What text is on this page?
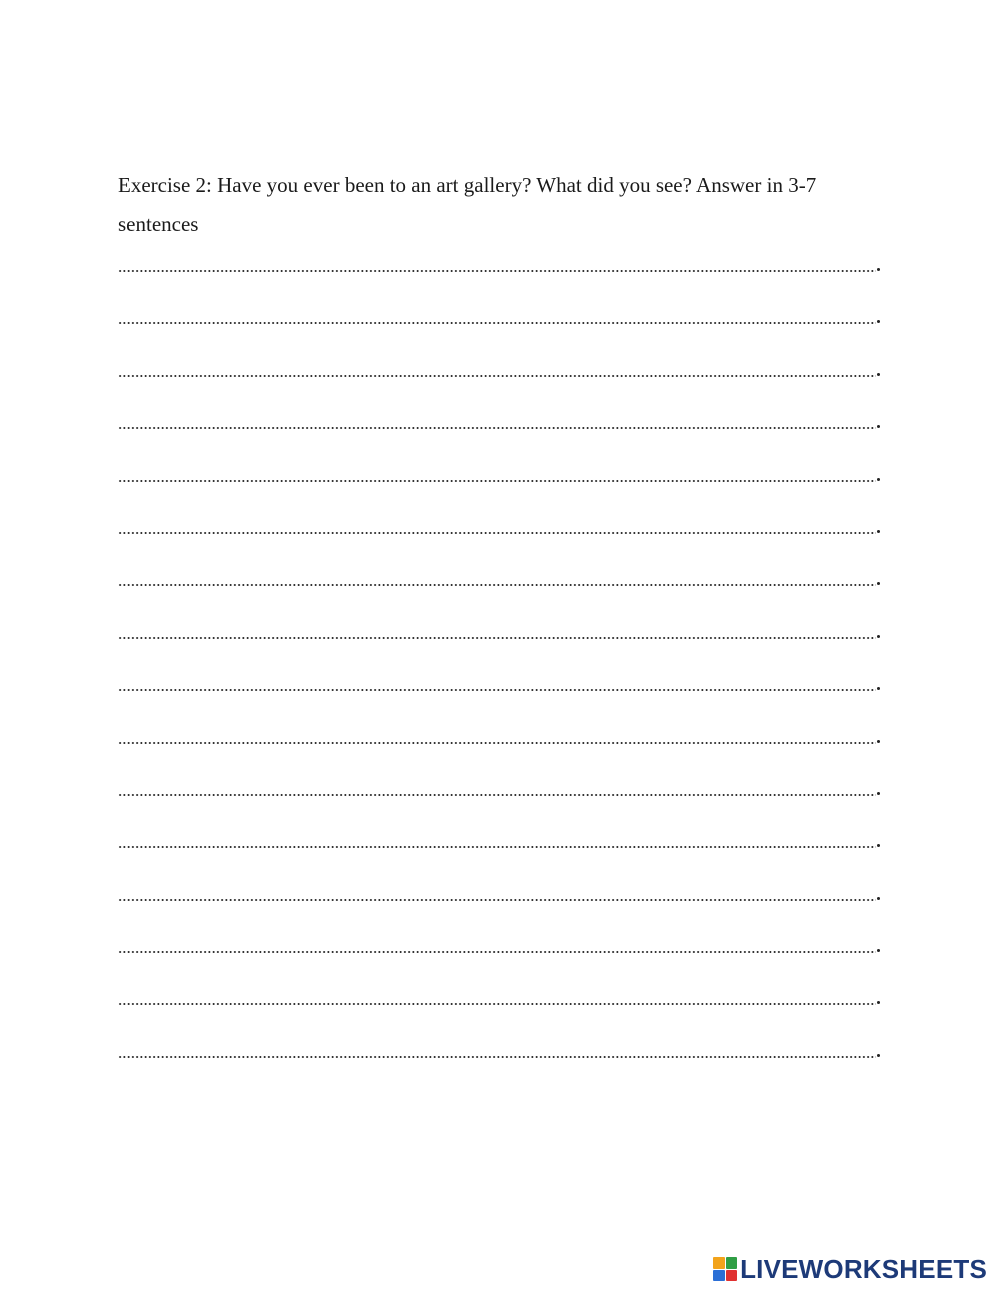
Exercise 2: Have you ever been to an art gallery? What did you see? Answer in 3-7

sentences

LIVEWORKSHEETS
